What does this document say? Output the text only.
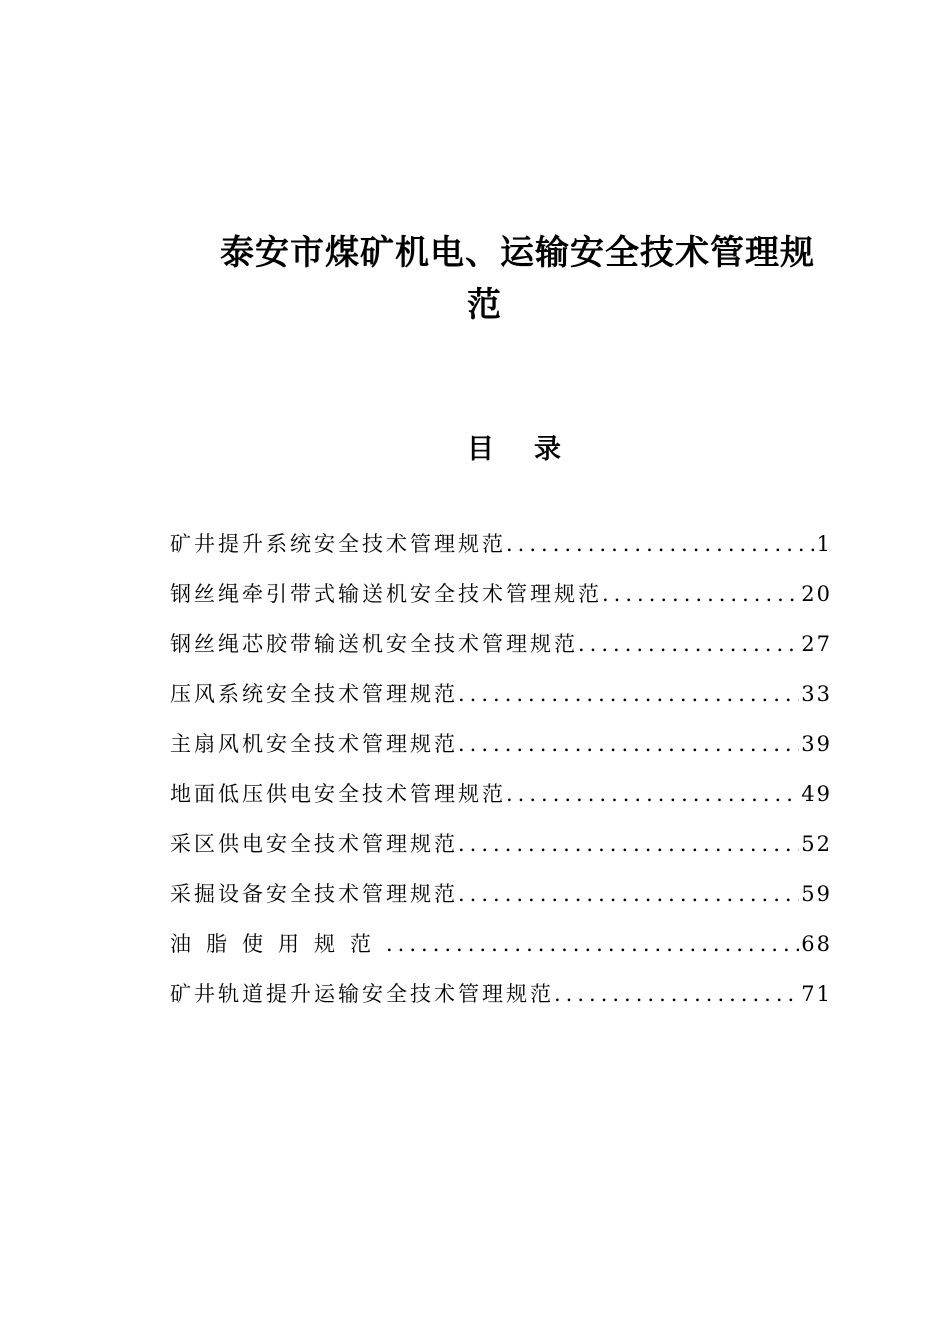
泰安市煤矿机电、运输安全技术管理规
范
目录
矿井提升系统安全技术管理规范 .....	1
钢丝绳牵引带式输送机安全技术管理规范 .....	20
钢丝绳芯胶带输送机安全技术管理规范 .....	27
压风系统安全技术管理规范 .....	33
主扇风机安全技术管理规范 .....	39
地面低压供电安全技术管理规范 .....	49
采区供电安全技术管理规范 .....	52
采掘设备安全技术管理规范 .....	59
油脂使用规范 .....	68
矿井轨道提升运输安全技术管理规范 .....	71
